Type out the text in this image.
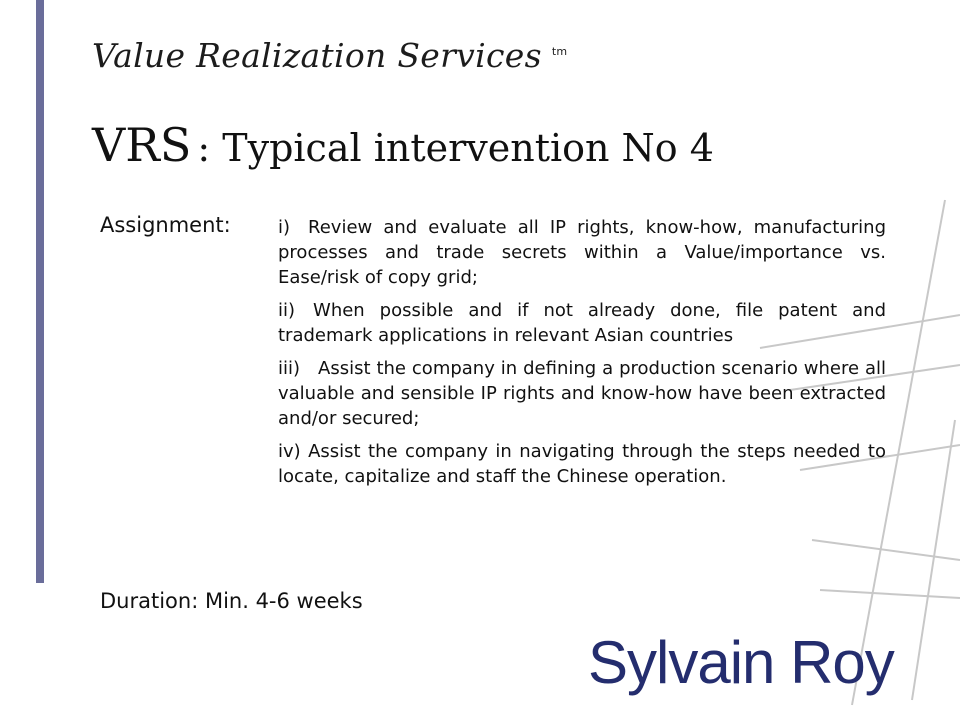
Value Realization Services $^{tm}$
VRS : Typical intervention No 4
Assignment:	i) Review and evaluate all IP rights, know-how, manufacturing processes and trade secrets within a Value/importance vs. Ease/risk of copy grid;

ii) When possible and if not already done, file patent and trademark applications in relevant Asian countries

iii) Assist the company in defining a production scenario where all valuable and sensible IP rights and know-how have been extracted and/or secured;

iv) Assist the company in navigating through the steps needed to locate, capitalize and staff the Chinese operation.

Duration: Min. 4-6 weeks
Sylvain Roy
